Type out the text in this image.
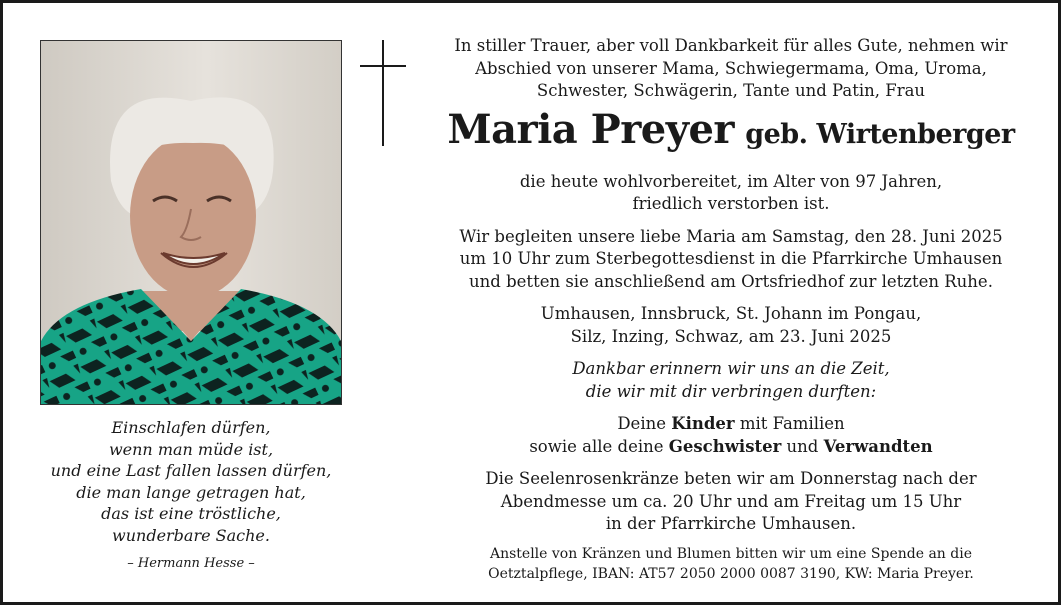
Einschlafen dürfen,
wenn man müde ist,
und eine Last fallen lassen dürfen,
die man lange getragen hat,
das ist eine tröstliche,
wunderbare Sache.
– Hermann Hesse –
In stiller Trauer, aber voll Dankbarkeit für alles Gute, nehmen wir
Abschied von unserer Mama, Schwiegermama, Oma, Uroma,
Schwester, Schwägerin, Tante und Patin, Frau
Maria Preyer geb. Wirtenberger
die heute wohlvorbereitet, im Alter von 97 Jahren,
friedlich verstorben ist.
Wir begleiten unsere liebe Maria am Samstag, den 28. Juni 2025
um 10 Uhr zum Sterbegottesdienst in die Pfarrkirche Umhausen
und betten sie anschließend am Ortsfriedhof zur letzten Ruhe.
Umhausen, Innsbruck, St. Johann im Pongau,
Silz, Inzing, Schwaz, am 23. Juni 2025
Dankbar erinnern wir uns an die Zeit,
die wir mit dir verbringen durften:
Deine Kinder mit Familien
sowie alle deine Geschwister und Verwandten
Die Seelenrosenkränze beten wir am Donnerstag nach der
Abendmesse um ca. 20 Uhr und am Freitag um 15 Uhr
in der Pfarrkirche Umhausen.
Anstelle von Kränzen und Blumen bitten wir um eine Spende an die
Oetztalpflege, IBAN: AT57 2050 2000 0087 3190, KW: Maria Preyer.
